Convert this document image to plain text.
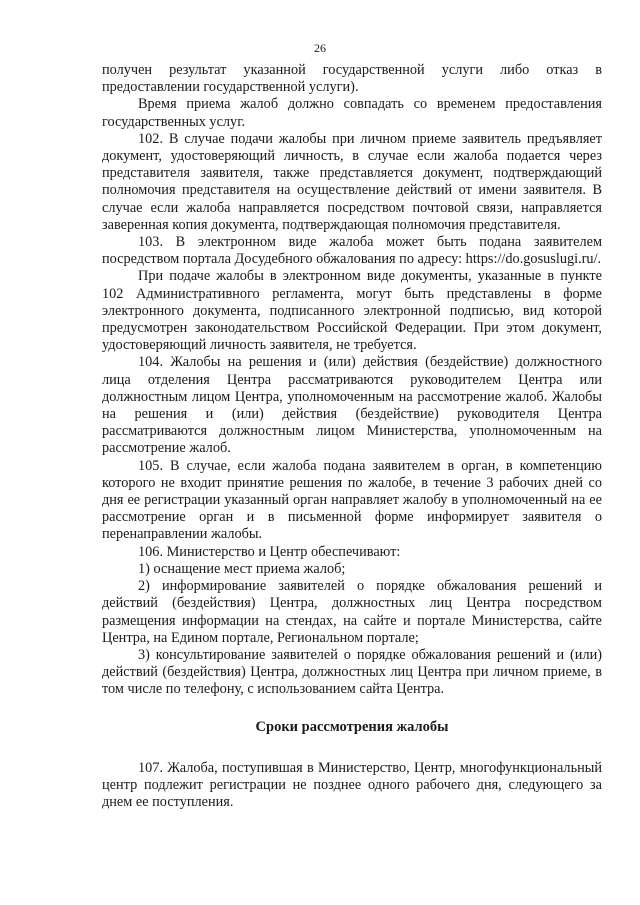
26

получен результат указанной государственной услуги либо отказ в предоставлении государственной услуги).

Время приема жалоб должно совпадать со временем предоставления государственных услуг.

102. В случае подачи жалобы при личном приеме заявитель предъявляет документ, удостоверяющий личность, в случае если жалоба подается через представителя заявителя, также представляется документ, подтверждающий полномочия представителя на осуществление действий от имени заявителя. В случае если жалоба направляется посредством почтовой связи, направляется заверенная копия документа, подтверждающая полномочия представителя.

103. В электронном виде жалоба может быть подана заявителем посредством портала Досудебного обжалования по адресу: https://do.gosuslugi.ru/.

При подаче жалобы в электронном виде документы, указанные в пункте 102 Административного регламента, могут быть представлены в форме электронного документа, подписанного электронной подписью, вид которой предусмотрен законодательством Российской Федерации. При этом документ, удостоверяющий личность заявителя, не требуется.

104. Жалобы на решения и (или) действия (бездействие) должностного лица отделения Центра рассматриваются руководителем Центра или должностным лицом Центра, уполномоченным на рассмотрение жалоб. Жалобы на решения и (или) действия (бездействие) руководителя Центра рассматриваются должностным лицом Министерства, уполномоченным на рассмотрение жалоб.

105. В случае, если жалоба подана заявителем в орган, в компетенцию которого не входит принятие решения по жалобе, в течение 3 рабочих дней со дня ее регистрации указанный орган направляет жалобу в уполномоченный на ее рассмотрение орган и в письменной форме информирует заявителя о перенаправлении жалобы.

106. Министерство и Центр обеспечивают:

1) оснащение мест приема жалоб;

2) информирование заявителей о порядке обжалования решений и действий (бездействия) Центра, должностных лиц Центра посредством размещения информации на стендах, на сайте и портале Министерства, сайте Центра, на Едином портале, Региональном портале;

3) консультирование заявителей о порядке обжалования решений и (или) действий (бездействия) Центра, должностных лиц Центра при личном приеме, в том числе по телефону, с использованием сайта Центра.

Сроки рассмотрения жалобы

107. Жалоба, поступившая в Министерство, Центр, многофункциональный центр подлежит регистрации не позднее одного рабочего дня, следующего за днем ее поступления.
